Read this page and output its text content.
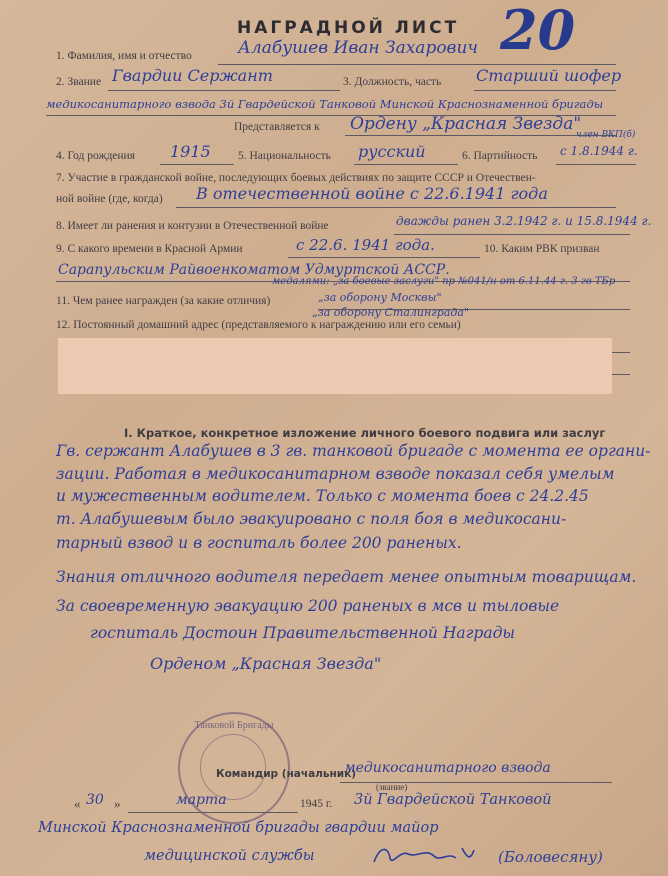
20
НАГРАДНОЙ ЛИСТ
1. Фамилия, имя и отчество	Алабушев Иван Захарович
2. Звание Гвардии Сержант	3. Должность, часть Старший шофер
медикосанитарного взвода 3й Гвардейской Танковой Минской Краснознаменной бригады
Представляется к Ордену „Красная Звезда"
4. Год рождения 1915 5. Национальность русский	6. Партийность
член ВКП(б)
с 1.8.1944 г.
7. Участие в гражданской войне, последующих боевых действиях по защите СССР и Отечествен-
ной войне (где, когда) В отечественной войне с 22.6.1941 года
8. Имеет ли ранения и контузии в Отечественной войне	дважды ранен 3.2.1942 г. и 15.8.1944 г.
9. С какого времени в Красной Армии	с 22.6. 1941 года.	10. Каким РВК призван
Сарапульским Райвоенкоматом Удмуртской АССР.
медалями: „за боевые заслуги" пр №041/н от 6.11.44 г. 3 гв ТБр
11. Чем ранее награжден (за какие отличия)	„за оборону Москвы"
„за оборону Сталинграда"
12. Постоянный домашний адрес (представляемого к награждению или его семьи)
I. Краткое, конкретное изложение личного боевого подвига или заслуг
Гв. сержант Алабушев в 3 гв. танковой бригаде с момента ее органи-
зации. Работая в медикосанитарном взводе показал себя умелым
и мужественным водителем. Только с момента боев с 24.2.45
т. Алабушевым было эвакуировано с поля боя в медикосани-
тарный взвод и в госпиталь более 200 раненых.
Знания отличного водителя передает менее опытным товарищам.
За своевременную эвакуацию 200 раненых в мсв и тыловые
госпиталь Достоин Правительственной Награды
Орденом „Красная Звезда"
Танковой Бригады
Командир (начальник)
медикосанитарного взвода
(звание)
« 30 »	марта	1945 г. 3й Гвардейской Танковой
Минской Краснознаменной бригады гвардии майор
медицинской службы	(Боловесяну)
